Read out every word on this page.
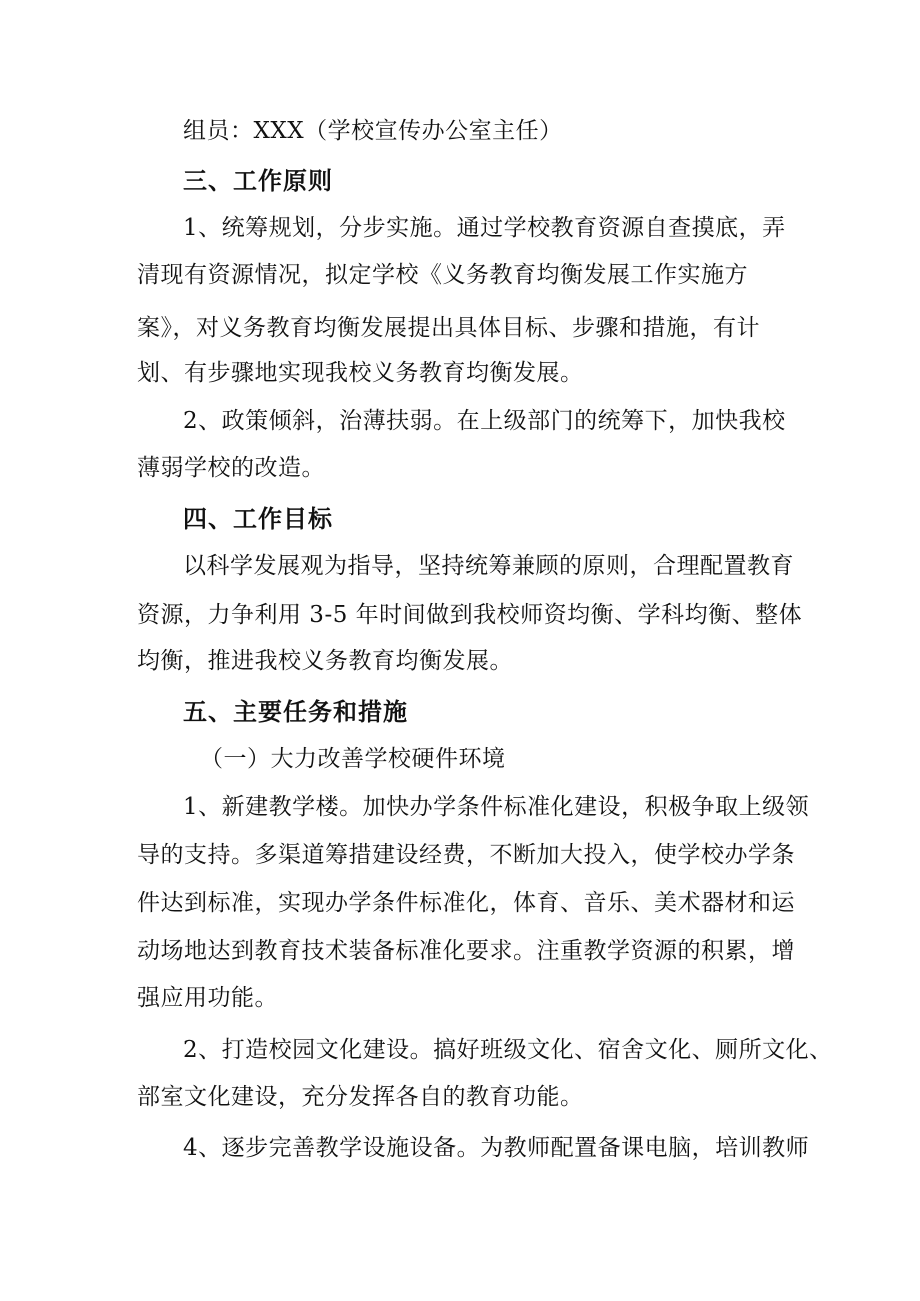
组员：XXX（学校宣传办公室主任）
三、工作原则
1、统筹规划，分步实施。通过学校教育资源自查摸底，弄
清现有资源情况，拟定学校《义务教育均衡发展工作实施方
案》，对义务教育均衡发展提出具体目标、步骤和措施，有计
划、有步骤地实现我校义务教育均衡发展。
2、政策倾斜，治薄扶弱。在上级部门的统筹下，加快我校
薄弱学校的改造。
四、工作目标
以科学发展观为指导，坚持统筹兼顾的原则，合理配置教育
资源，力争利用 3-5 年时间做到我校师资均衡、学科均衡、整体
均衡，推进我校义务教育均衡发展。
五、主要任务和措施
（一）大力改善学校硬件环境
1、新建教学楼。加快办学条件标准化建设，积极争取上级领
导的支持。多渠道筹措建设经费，不断加大投入，使学校办学条
件达到标准，实现办学条件标准化，体育、音乐、美术器材和运
动场地达到教育技术装备标准化要求。注重教学资源的积累，增
强应用功能。
2、打造校园文化建设。搞好班级文化、宿舍文化、厕所文化、
部室文化建设，充分发挥各自的教育功能。
4、逐步完善教学设施设备。为教师配置备课电脑，培训教师
